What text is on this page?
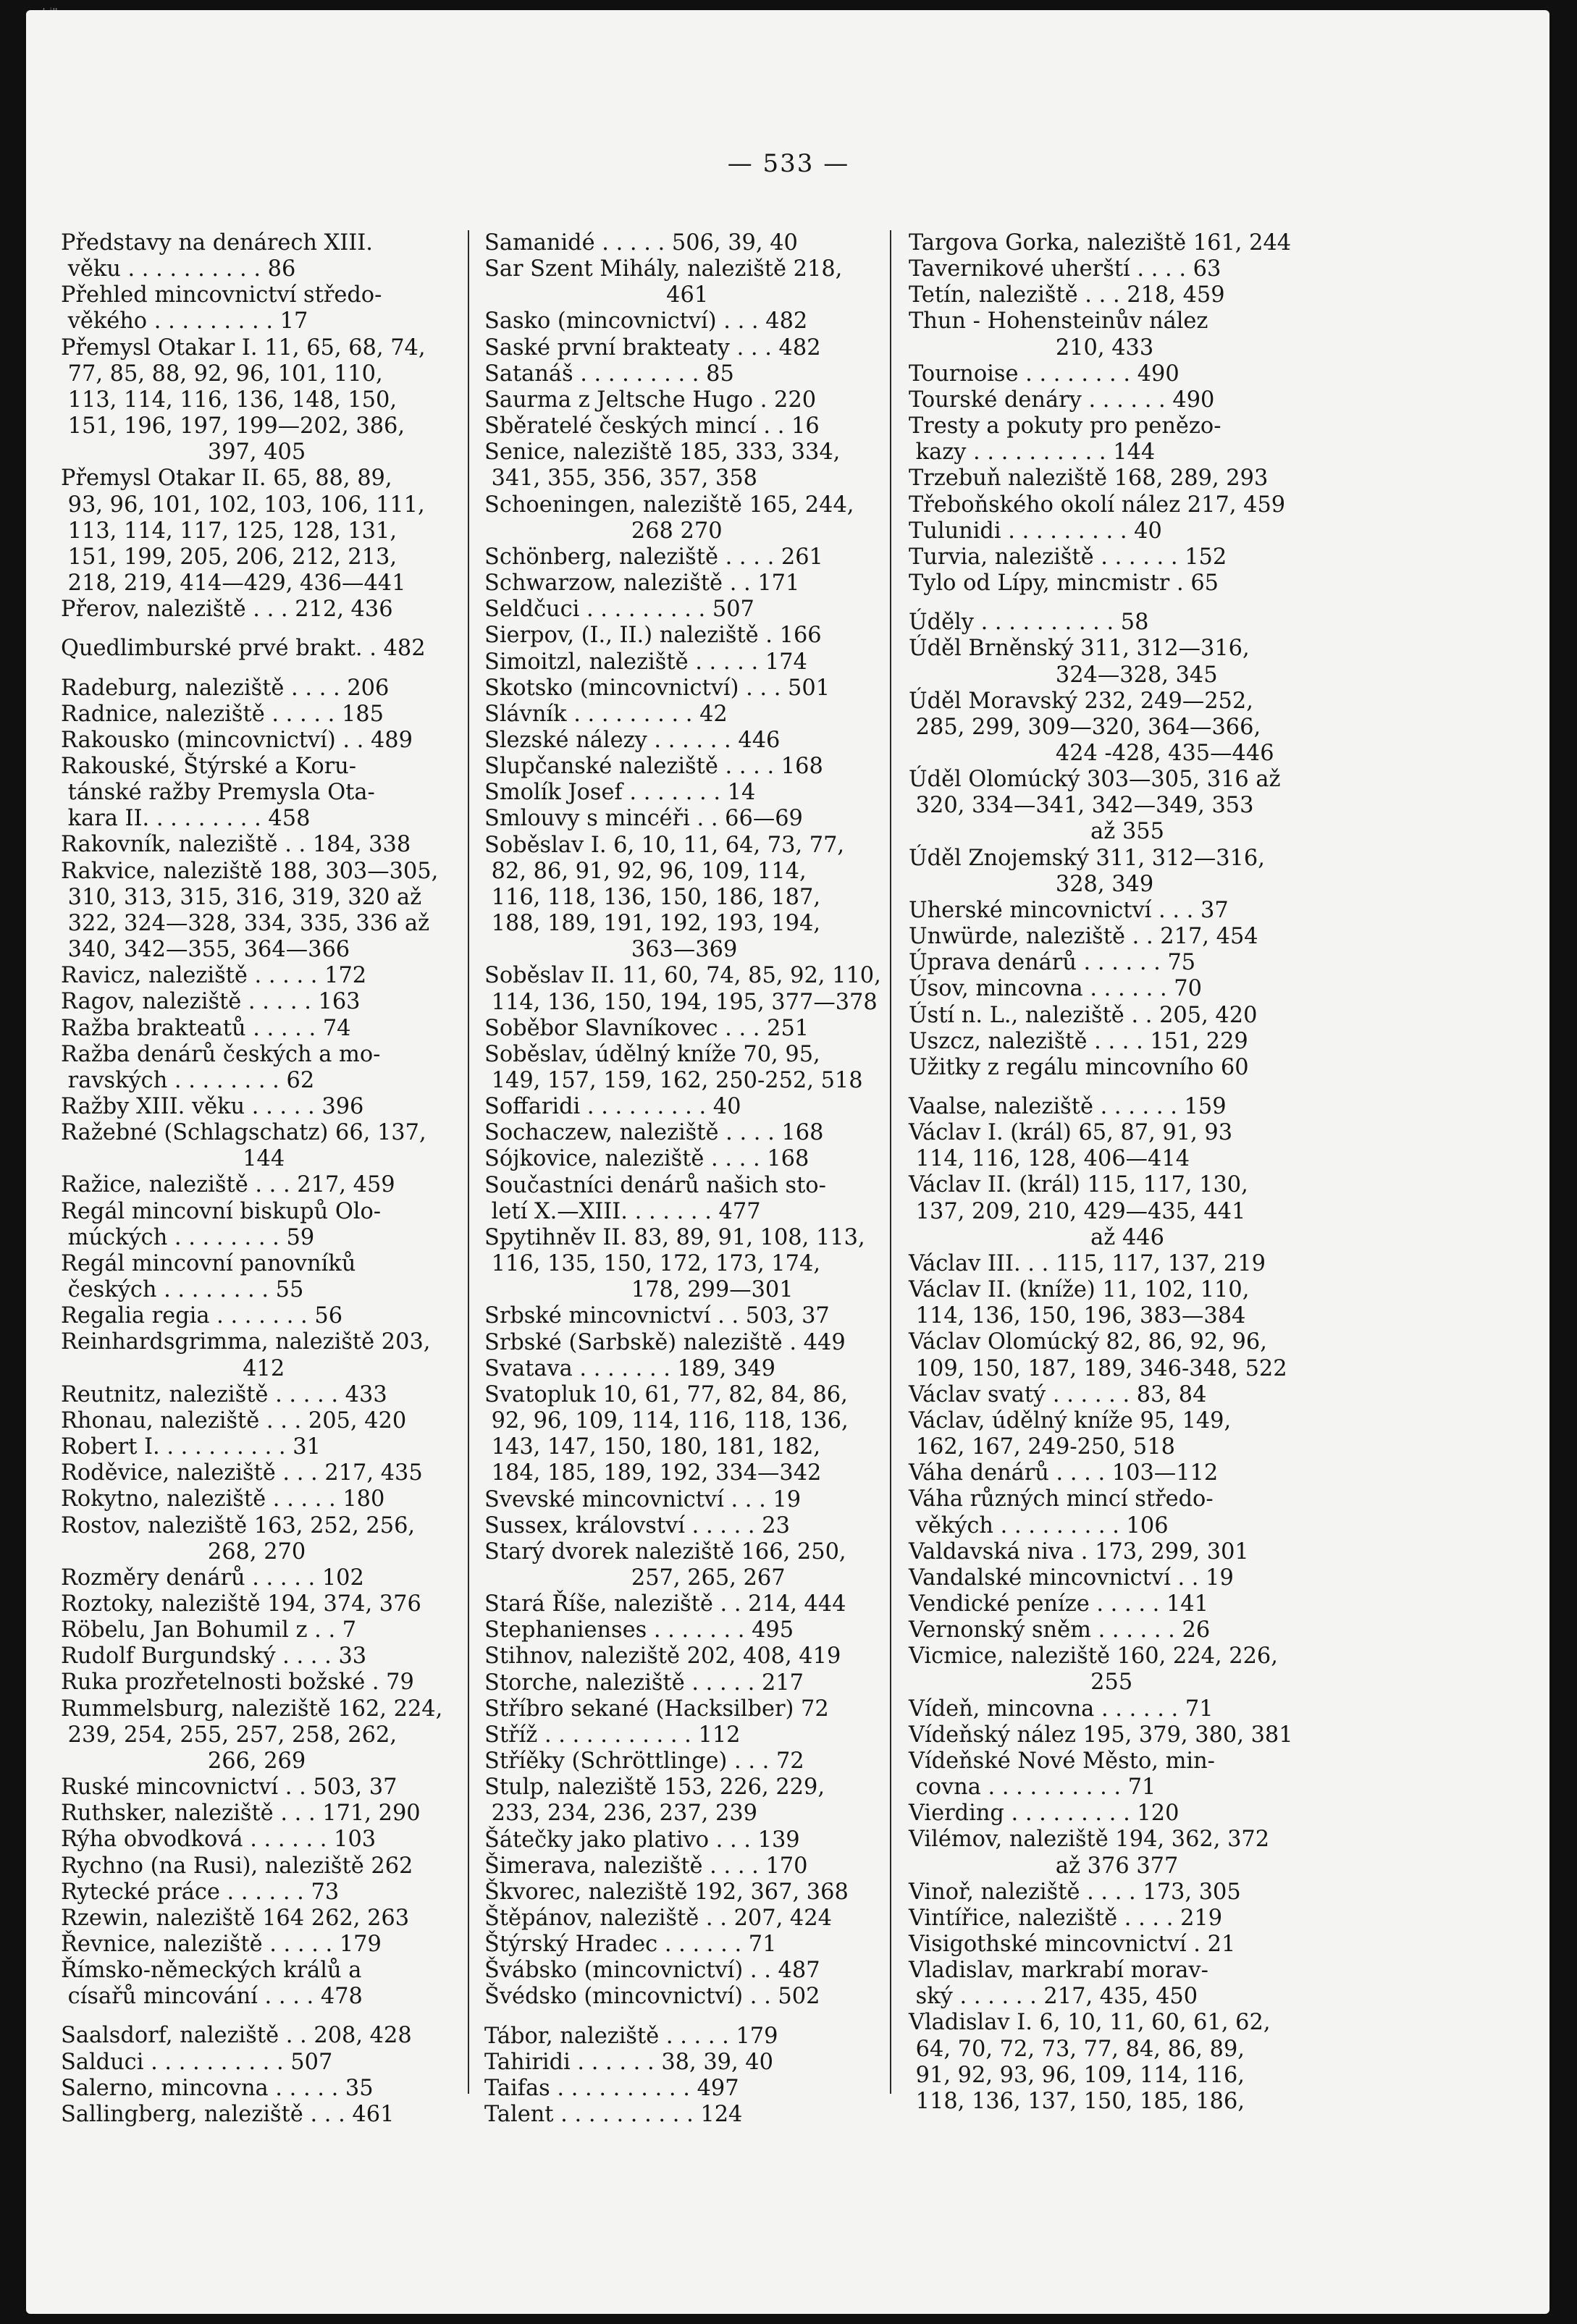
— 533 —
Představy na denárech XIII.
věku . . . . . . . . . . 86
Přehled mincovnictví středo-
věkého . . . . . . . . . 17
Přemysl Otakar I. 11, 65, 68, 74,
77, 85, 88, 92, 96, 101, 110,
113, 114, 116, 136, 148, 150,
151, 196, 197, 199—202, 386,
397, 405
Přemysl Otakar II. 65, 88, 89,
93, 96, 101, 102, 103, 106, 111,
113, 114, 117, 125, 128, 131,
151, 199, 205, 206, 212, 213,
218, 219, 414—429, 436—441
Přerov, naleziště . . . 212, 436
Quedlimburské prvé brakt. . 482
Radeburg, naleziště . . . . 206
Radnice, naleziště . . . . . 185
Rakousko (mincovnictví) . . 489
Rakouské, Štýrské a Koru-
tánské ražby Premysla Ota-
kara II. . . . . . . . . 458
Rakovník, naleziště . . 184, 338
Rakvice, naleziště 188, 303—305,
310, 313, 315, 316, 319, 320 až
322, 324—328, 334, 335, 336 až
340, 342—355, 364—366
Ravicz, naleziště . . . . . 172
Ragov, naleziště . . . . . 163
Ražba brakteatů . . . . . 74
Ražba denárů českých a mo-
ravských . . . . . . . . 62
Ražby XIII. věku . . . . . 396
Ražebné (Schlagschatz) 66, 137,
144
Ražice, naleziště . . . 217, 459
Regál mincovní biskupů Olo-
múckých . . . . . . . . 59
Regál mincovní panovníků
českých . . . . . . . . 55
Regalia regia . . . . . . . 56
Reinhardsgrimma, naleziště 203,
412
Reutnitz, naleziště . . . . . 433
Rhonau, naleziště . . . 205, 420
Robert I. . . . . . . . . . 31
Roděvice, naleziště . . . 217, 435
Rokytno, naleziště . . . . . 180
Rostov, naleziště 163, 252, 256,
268, 270
Rozměry denárů . . . . . 102
Roztoky, naleziště 194, 374, 376
Röbelu, Jan Bohumil z . . 7
Rudolf Burgundský . . . . 33
Ruka prozřetelnosti božské . 79
Rummelsburg, naleziště 162, 224,
239, 254, 255, 257, 258, 262,
266, 269
Ruské mincovnictví . . 503, 37
Ruthsker, naleziště . . . 171, 290
Rýha obvodková . . . . . . 103
Rychno (na Rusi), naleziště 262
Rytecké práce . . . . . . 73
Rzewin, naleziště 164 262, 263
Řevnice, naleziště . . . . . 179
Římsko-německých králů a
císařů mincování . . . . 478
Saalsdorf, naleziště . . 208, 428
Salduci . . . . . . . . . . 507
Salerno, mincovna . . . . . 35
Sallingberg, naleziště . . . 461
Samanidé . . . . . 506, 39, 40
Sar Szent Mihály, naleziště 218,
461
Sasko (mincovnictví) . . . 482
Saské první brakteaty . . . 482
Satanáš . . . . . . . . . 85
Saurma z Jeltsche Hugo . 220
Sběratelé českých mincí . . 16
Senice, naleziště 185, 333, 334,
341, 355, 356, 357, 358
Schoeningen, naleziště 165, 244,
268 270
Schönberg, naleziště . . . . 261
Schwarzow, naleziště . . 171
Seldčuci . . . . . . . . . 507
Sierpov, (I., II.) naleziště . 166
Simoitzl, naleziště . . . . . 174
Skotsko (mincovnictví) . . . 501
Slávník . . . . . . . . . 42
Slezské nálezy . . . . . . 446
Slupčanské naleziště . . . . 168
Smolík Josef . . . . . . . 14
Smlouvy s mincéři . . 66—69
Soběslav I. 6, 10, 11, 64, 73, 77,
82, 86, 91, 92, 96, 109, 114,
116, 118, 136, 150, 186, 187,
188, 189, 191, 192, 193, 194,
363—369
Soběslav II. 11, 60, 74, 85, 92, 110,
114, 136, 150, 194, 195, 377—378
Soběbor Slavníkovec . . . 251
Soběslav, údělný kníže 70, 95,
149, 157, 159, 162, 250-252, 518
Soffaridi . . . . . . . . . 40
Sochaczew, naleziště . . . . 168
Sójkovice, naleziště . . . . 168
Součastníci denárů našich sto-
letí X.—XIII. . . . . . . 477
Spytihněv II. 83, 89, 91, 108, 113,
116, 135, 150, 172, 173, 174,
178, 299—301
Srbské mincovnictví . . 503, 37
Srbské (Sarbskě) naleziště . 449
Svatava . . . . . . . 189, 349
Svatopluk 10, 61, 77, 82, 84, 86,
92, 96, 109, 114, 116, 118, 136,
143, 147, 150, 180, 181, 182,
184, 185, 189, 192, 334—342
Svevské mincovnictví . . . 19
Sussex, království . . . . . 23
Starý dvorek naleziště 166, 250,
257, 265, 267
Stará Říše, naleziště . . 214, 444
Stephanienses . . . . . . . 495
Stihnov, naleziště 202, 408, 419
Storche, naleziště . . . . . 217
Stříbro sekané (Hacksilber) 72
Stříž . . . . . . . . . . . 112
Stříěky (Schröttlinge) . . . 72
Stulp, naleziště 153, 226, 229,
233, 234, 236, 237, 239
Šátečky jako plativo . . . 139
Šimerava, naleziště . . . . 170
Škvorec, naleziště 192, 367, 368
Štěpánov, naleziště . . 207, 424
Štýrský Hradec . . . . . . 71
Švábsko (mincovnictví) . . 487
Švédsko (mincovnictví) . . 502
Tábor, naleziště . . . . . 179
Tahiridi . . . . . . 38, 39, 40
Taifas . . . . . . . . . . 497
Talent . . . . . . . . . . 124
Targova Gorka, naleziště 161, 244
Tavernikové uherští . . . . 63
Tetín, naleziště . . . 218, 459
Thun - Hohensteinův nález
210, 433
Tournoise . . . . . . . . 490
Tourské denáry . . . . . . 490
Tresty a pokuty pro penězo-
kazy . . . . . . . . . . 144
Trzebuň naleziště 168, 289, 293
Třeboňského okolí nález 217, 459
Tulunidi . . . . . . . . . 40
Turvia, naleziště . . . . . . 152
Tylo od Lípy, mincmistr . 65
Úděly . . . . . . . . . . 58
Úděl Brněnský 311, 312—316,
324—328, 345
Úděl Moravský 232, 249—252,
285, 299, 309—320, 364—366,
424 -428, 435—446
Úděl Olomúcký 303—305, 316 až
320, 334—341, 342—349, 353
až 355
Úděl Znojemský 311, 312—316,
328, 349
Uherské mincovnictví . . . 37
Unwürde, naleziště . . 217, 454
Úprava denárů . . . . . . 75
Úsov, mincovna . . . . . . 70
Ústí n. L., naleziště . . 205, 420
Uszcz, naleziště . . . . 151, 229
Užitky z regálu mincovního 60
Vaalse, naleziště . . . . . . 159
Václav I. (král) 65, 87, 91, 93
114, 116, 128, 406—414
Václav II. (král) 115, 117, 130,
137, 209, 210, 429—435, 441
až 446
Václav III. . . 115, 117, 137, 219
Václav II. (kníže) 11, 102, 110,
114, 136, 150, 196, 383—384
Václav Olomúcký 82, 86, 92, 96,
109, 150, 187, 189, 346-348, 522
Václav svatý . . . . . . 83, 84
Václav, údělný kníže 95, 149,
162, 167, 249-250, 518
Váha denárů . . . . 103—112
Váha různých mincí středo-
věkých . . . . . . . . . 106
Valdavská niva . 173, 299, 301
Vandalské mincovnictví . . 19
Vendické peníze . . . . . 141
Vernonský sněm . . . . . . 26
Vicmice, naleziště 160, 224, 226,
255
Vídeň, mincovna . . . . . . 71
Vídeňský nález 195, 379, 380, 381
Vídeňské Nové Město, min-
covna . . . . . . . . . . 71
Vierding . . . . . . . . . 120
Vilémov, naleziště 194, 362, 372
až 376 377
Vinoř, naleziště . . . . 173, 305
Vintířice, naleziště . . . . 219
Visigothské mincovnictví . 21
Vladislav, markrabí morav-
ský . . . . . . 217, 435, 450
Vladislav I. 6, 10, 11, 60, 61, 62,
64, 70, 72, 73, 77, 84, 86, 89,
91, 92, 93, 96, 109, 114, 116,
118, 136, 137, 150, 185, 186,
